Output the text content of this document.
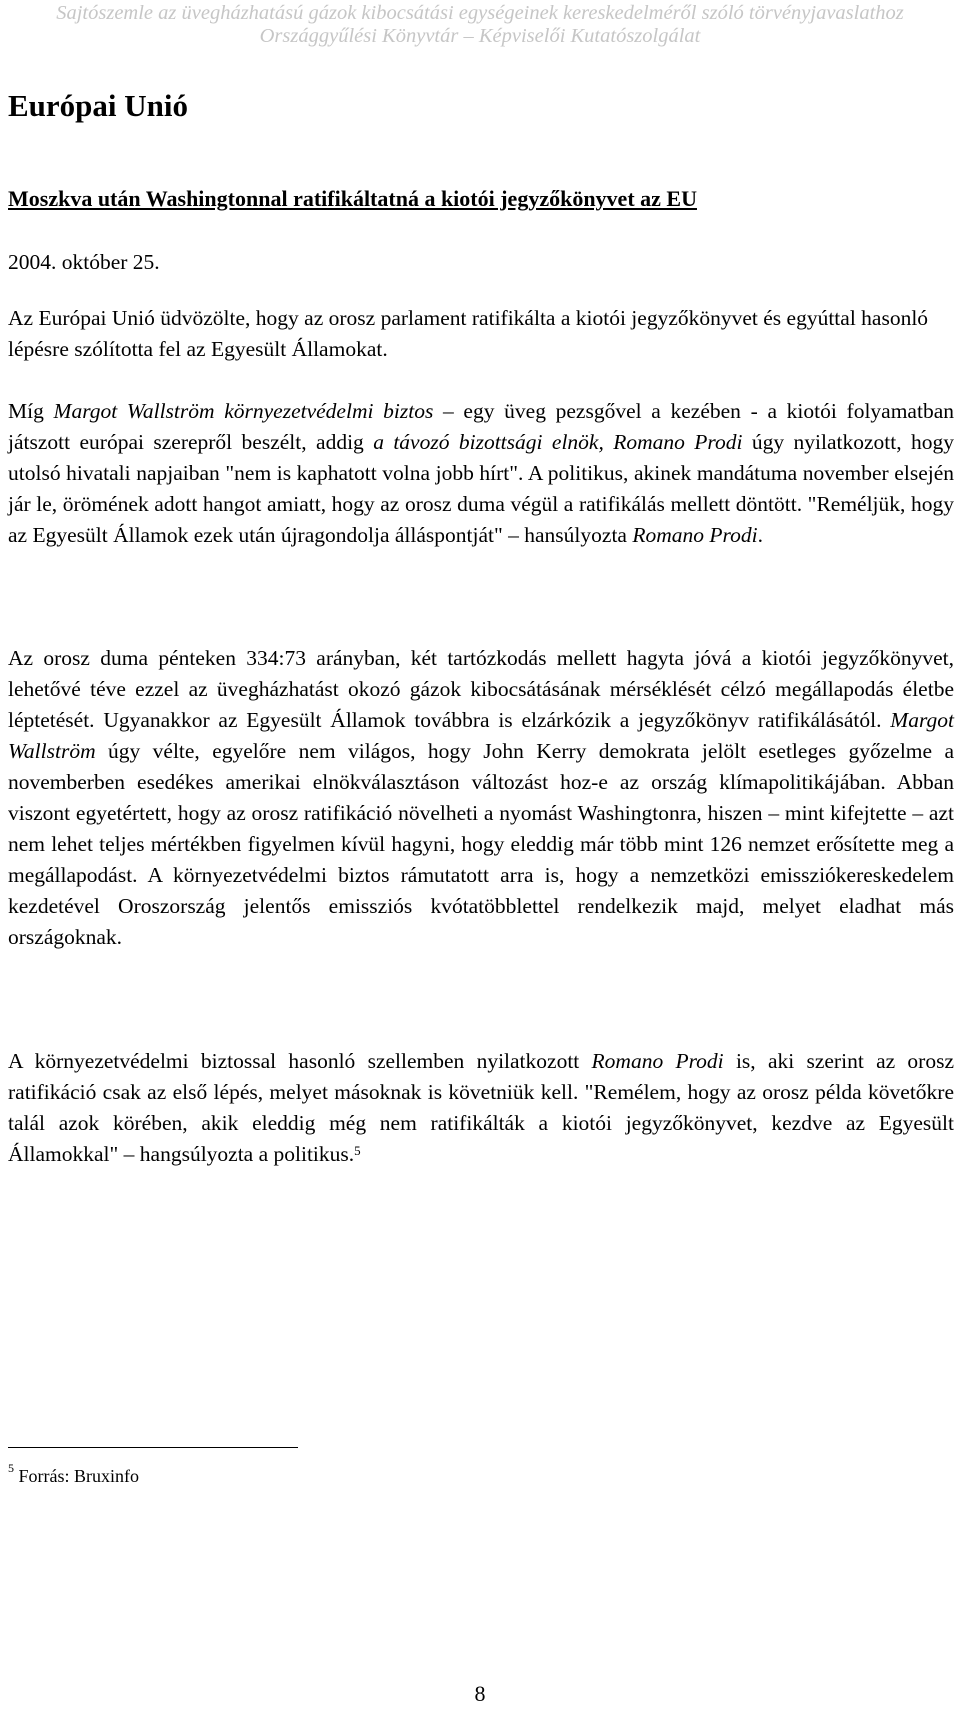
Sajtószemle az üvegházhatású gázok kibocsátási egységeinek kereskedelméről szóló törvényjavaslathoz
Országgyűlési Könyvtár – Képviselői Kutatószolgálat
Európai Unió
Moszkva után Washingtonnal ratifikáltatná a kiotói jegyzőkönyvet az EU
2004. október 25.

Az Európai Unió üdvözölte, hogy az orosz parlament ratifikálta a kiotói jegyzőkönyvet és egyúttal hasonló lépésre szólította fel az Egyesült Államokat.

Míg Margot Wallström környezetvédelmi biztos – egy üveg pezsgővel a kezében - a kiotói folyamatban játszott európai szerepről beszélt, addig a távozó bizottsági elnök, Romano Prodi úgy nyilatkozott, hogy utolsó hivatali napjaiban "nem is kaphatott volna jobb hírt". A politikus, akinek mandátuma november elsején jár le, örömének adott hangot amiatt, hogy az orosz duma végül a ratifikálás mellett döntött. "Reméljük, hogy az Egyesült Államok ezek után újragondolja álláspontját" – hansúlyozta Romano Prodi.

Az orosz duma pénteken 334:73 arányban, két tartózkodás mellett hagyta jóvá a kiotói jegyzőkönyvet, lehetővé téve ezzel az üvegházhatást okozó gázok kibocsátásának mérséklését célzó megállapodás életbe léptetését. Ugyanakkor az Egyesült Államok továbbra is elzárkózik a jegyzőkönyv ratifikálásától. Margot Wallström úgy vélte, egyelőre nem világos, hogy John Kerry demokrata jelölt esetleges győzelme a novemberben esedékes amerikai elnökválasztáson változást hoz-e az ország klímapolitikájában. Abban viszont egyetértett, hogy az orosz ratifikáció növelheti a nyomást Washingtonra, hiszen – mint kifejtette – azt nem lehet teljes mértékben figyelmen kívül hagyni, hogy eleddig már több mint 126 nemzet erősítette meg a megállapodást. A környezetvédelmi biztos rámutatott arra is, hogy a nemzetközi emissziókereskedelem kezdetével Oroszország jelentős emissziós kvótatöbblettel rendelkezik majd, melyet eladhat más országoknak.

A környezetvédelmi biztossal hasonló szellemben nyilatkozott Romano Prodi is, aki szerint az orosz ratifikáció csak az első lépés, melyet másoknak is követniük kell. "Remélem, hogy az orosz példa követőkre talál azok körében, akik eleddig még nem ratifikálták a kiotói jegyzőkönyvet, kezdve az Egyesült Államokkal" – hangsúlyozta a politikus.$^5$

$^5$ Forrás: Bruxinfo
8
